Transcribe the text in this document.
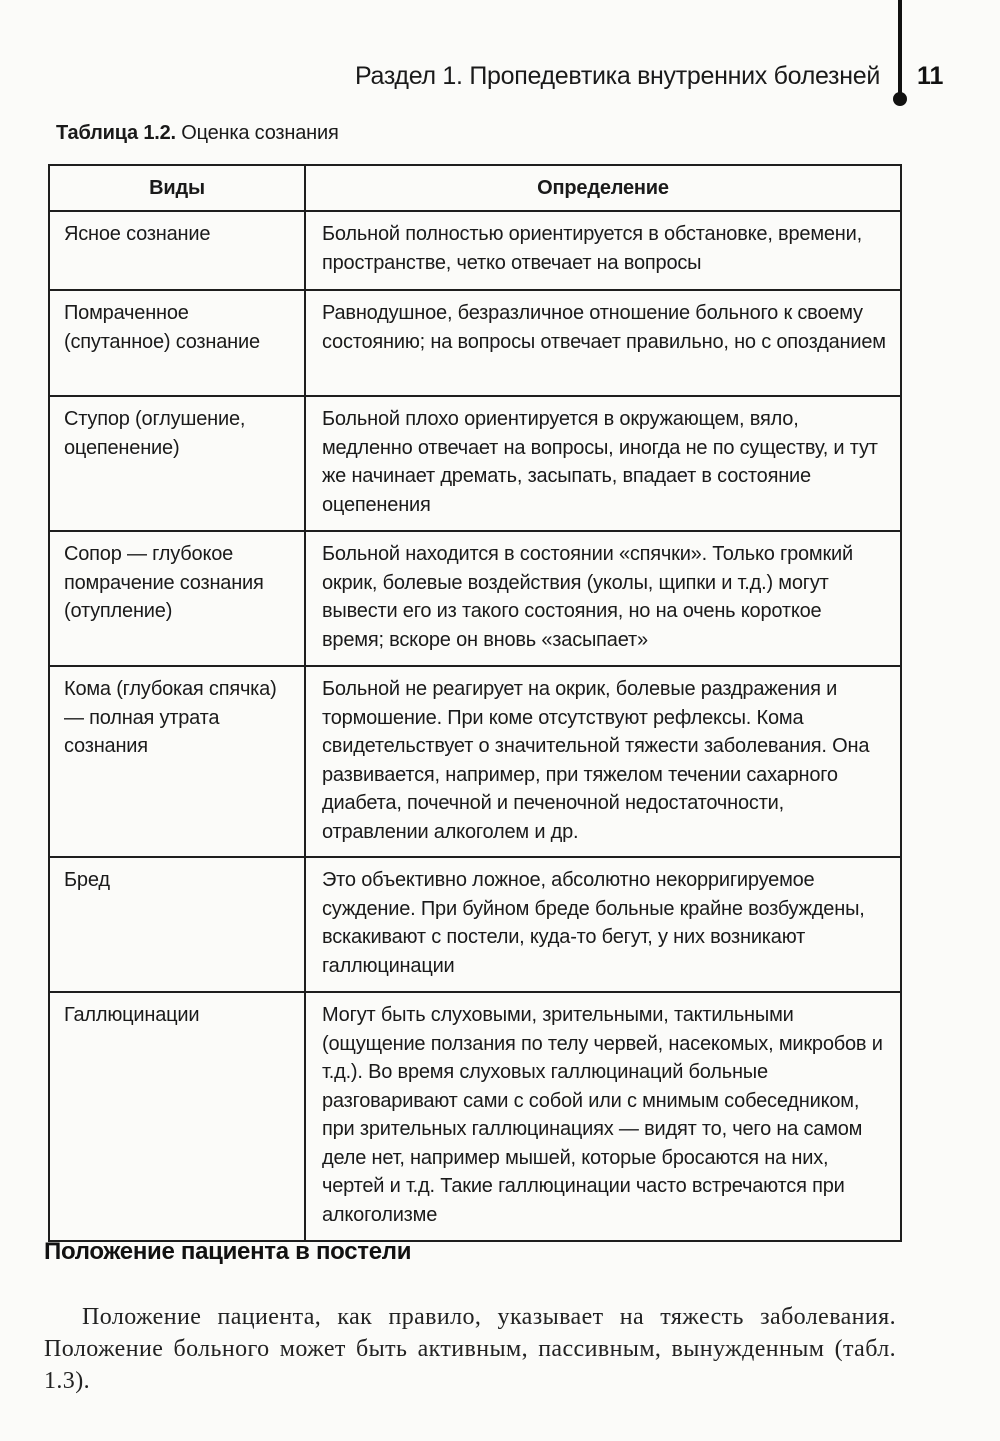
Раздел 1. Пропедевтика внутренних болезней 11
Таблица 1.2. Оценка сознания
Виды	Определение
Ясное сознание	Больной полностью ориентируется в обстановке, времени, пространстве, четко отвечает на вопросы
Помраченное (спутанное) сознание	Равнодушное, безразличное отношение больного к своему состоянию; на вопросы отвечает правильно, но с опозданием
Ступор (оглушение, оцепенение)	Больной плохо ориентируется в окружающем, вяло, медленно отвечает на вопросы, иногда не по существу, и тут же начинает дремать, засыпать, впадает в состояние оцепенения
Сопор — глубокое помрачение сознания (отупление)	Больной находится в состоянии «спячки». Только громкий окрик, болевые воздействия (уколы, щипки и т.д.) могут вывести его из такого состояния, но на очень короткое время; вскоре он вновь «засыпает»
Кома (глубокая спячка) — полная утрата сознания	Больной не реагирует на окрик, болевые раздражения и тормошение. При коме отсутствуют рефлексы. Кома свидетельствует о значительной тяжести заболевания. Она развивается, например, при тяжелом течении сахарного диабета, почечной и печеночной недостаточности, отравлении алкоголем и др.
Бред	Это объективно ложное, абсолютно некорригируемое суждение. При буйном бреде больные крайне возбуждены, вскакивают с постели, куда-то бегут, у них возникают галлюцинации
Галлюцинации	Могут быть слуховыми, зрительными, тактильными (ощущение ползания по телу червей, насекомых, микробов и т.д.). Во время слуховых галлюцинаций больные разговаривают сами с собой или с мнимым собеседником, при зрительных галлюцинациях — видят то, чего на самом деле нет, например мышей, которые бросаются на них, чертей и т.д. Такие галлюцинации часто встречаются при алкоголизме
Положение пациента в постели

Положение пациента, как правило, указывает на тяжесть заболевания. Положение больного может быть активным, пассивным, вынужденным (табл. 1.3).
